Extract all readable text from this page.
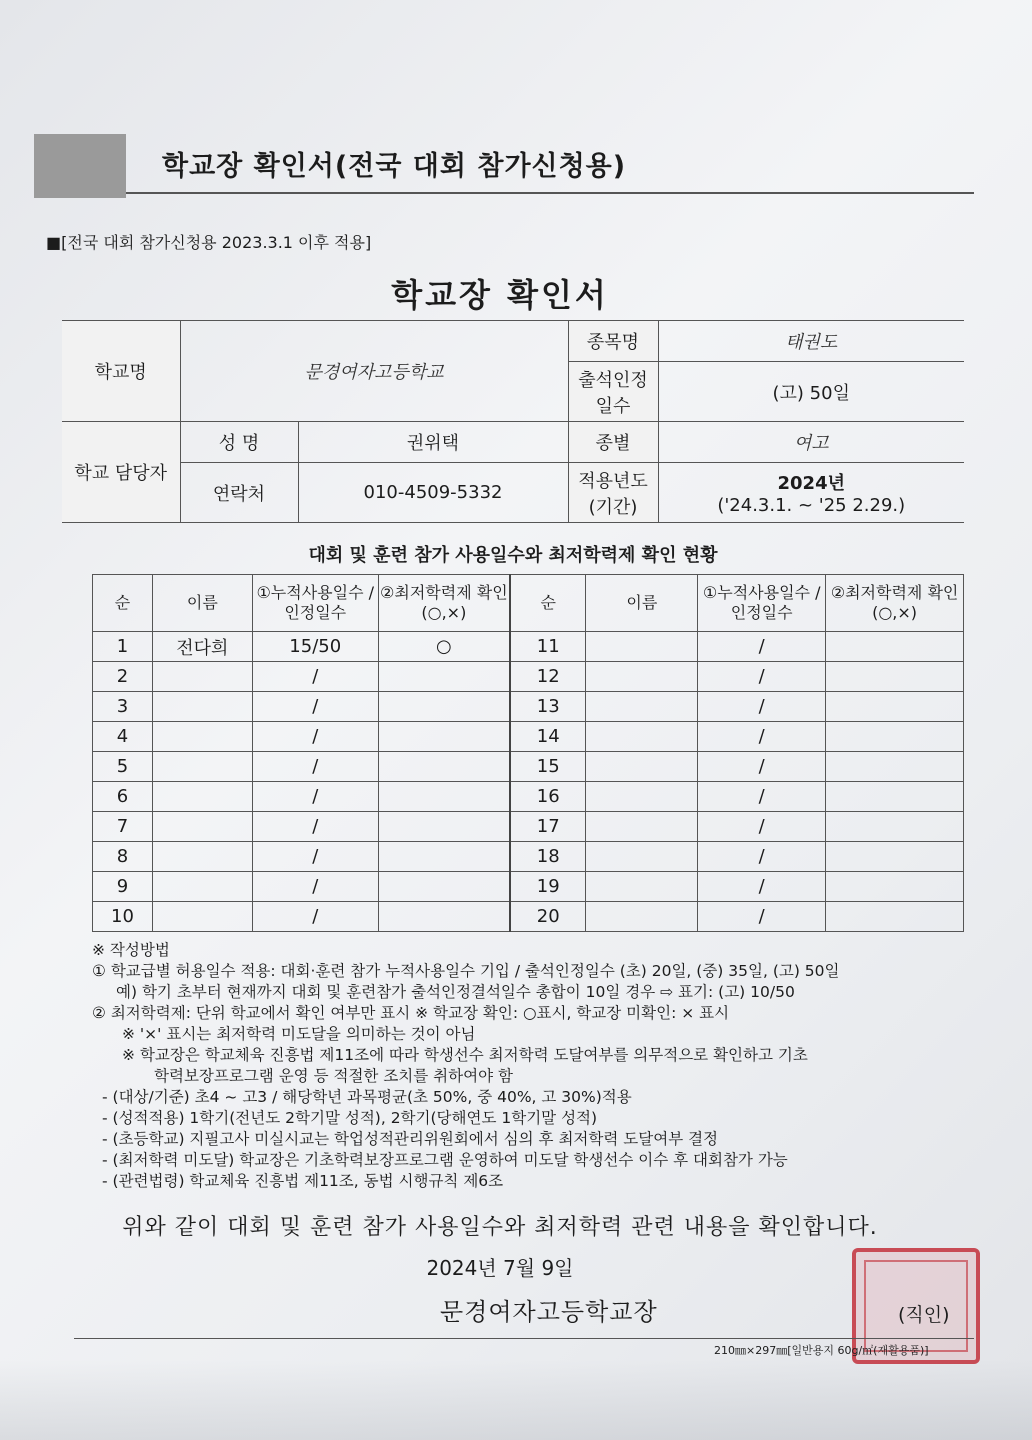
학교장 확인서(전국 대회 참가신청용)
■[전국 대회 참가신청용 2023.3.1 이후 적용]
학교장 확인서
학교명	문경여자고등학교		종목명	태권도
			출석인정 일수	(고) 50일
학교 담당자	성 명	권위택	종별	여고
	연락처	010-4509-5332	적용년도 (기간)	2024년
('24.3.1. ~ '25 2.29.)
대회 및 훈련 참가 사용일수와 최저학력제 확인 현황
순	이름	①누적사용일수 /인정일수	②최저학력제 확인(○,×)	순	이름	①누적사용일수 /인정일수	②최저학력제 확인(○,×)
1	전다희	15/50	○	11		/	
2		/		12		/	
3		/		13		/	
4		/		14		/	
5		/		15		/	
6		/		16		/	
7		/		17		/	
8		/		18		/	
9		/		19		/	
10		/		20		/	
※ 작성방법
① 학교급별 허용일수 적용: 대회·훈련 참가 누적사용일수 기입 / 출석인정일수 (초) 20일, (중) 35일, (고) 50일
예) 학기 초부터 현재까지 대회 및 훈련참가 출석인정결석일수 총합이 10일 경우 ⇨ 표기: (고) 10/50
② 최저학력제: 단위 학교에서 확인 여부만 표시 ※ 학교장 확인: ○표시, 학교장 미확인: × 표시
※ '×' 표시는 최저학력 미도달을 의미하는 것이 아님
※ 학교장은 학교체육 진흥법 제11조에 따라 학생선수 최저학력 도달여부를 의무적으로 확인하고 기초
학력보장프로그램 운영 등 적절한 조치를 취하여야 함
- (대상/기준) 초4 ~ 고3 / 해당학년 과목평균(초 50%, 중 40%, 고 30%)적용
- (성적적용) 1학기(전년도 2학기말 성적), 2학기(당해연도 1학기말 성적)
- (초등학교) 지필고사 미실시교는 학업성적관리위원회에서 심의 후 최저학력 도달여부 결정
- (최저학력 미도달) 학교장은 기초학력보장프로그램 운영하여 미도달 학생선수 이수 후 대회참가 가능
- (관련법령) 학교체육 진흥법 제11조, 동법 시행규칙 제6조
위와 같이 대회 및 훈련 참가 사용일수와 최저학력 관련 내용을 확인합니다.
2024년 7월 9일
문경여자고등학교장	(직인)
210㎜×297㎜[일반용지 60g/㎡(재활용품)]
